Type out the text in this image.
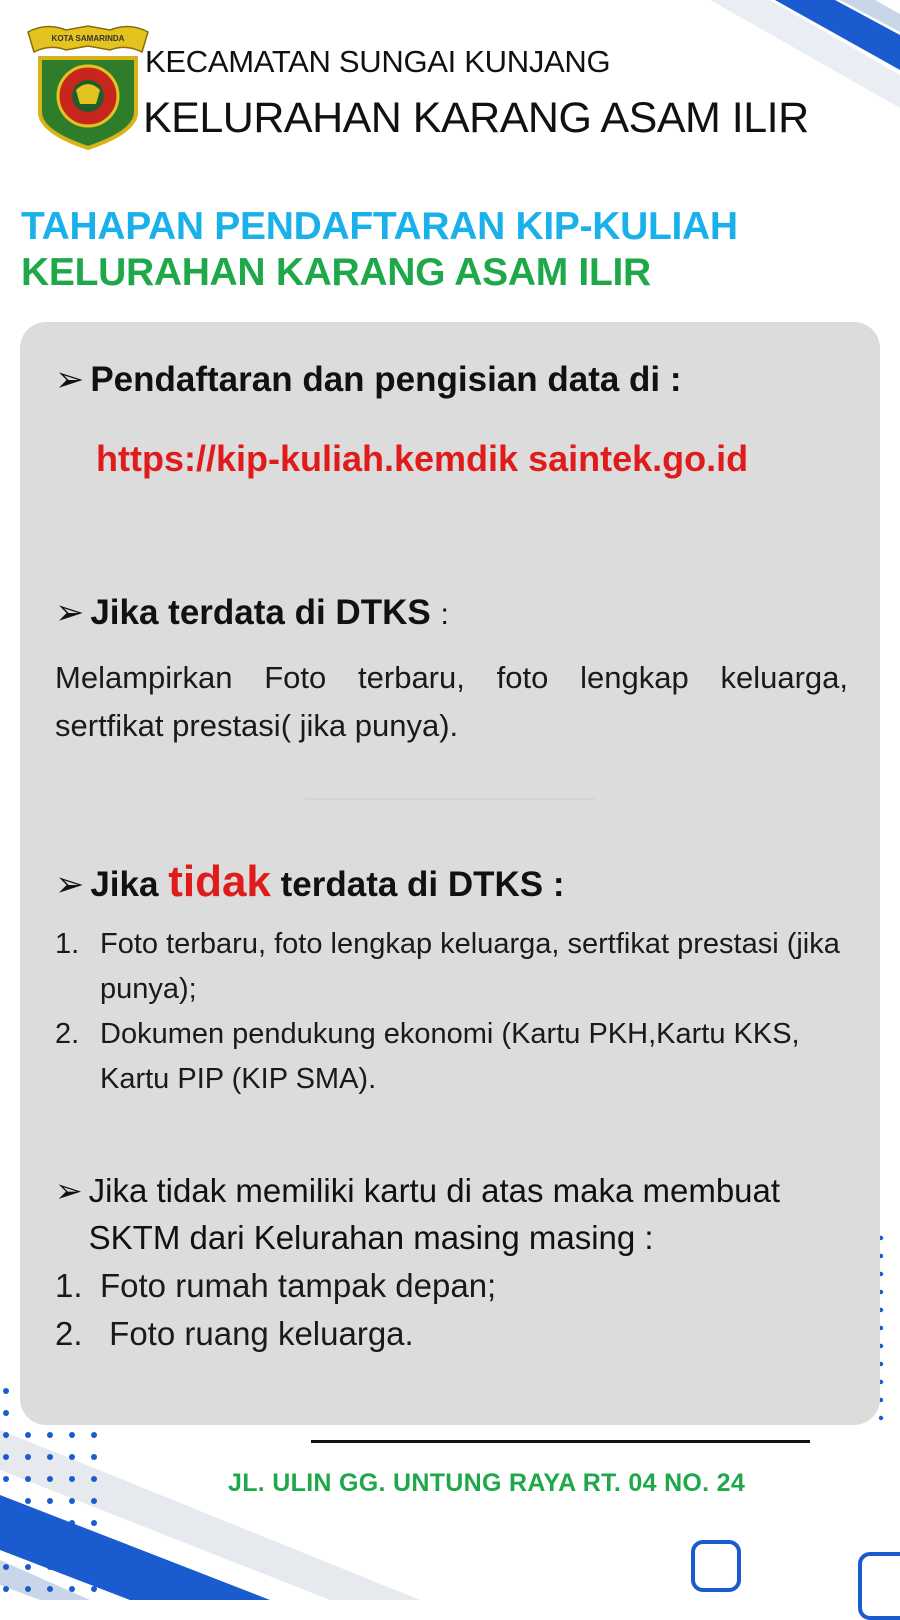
KOTA SAMARINDA
KECAMATAN SUNGAI KUNJANG
KELURAHAN KARANG ASAM ILIR
TAHAPAN PENDAFTARAN KIP-KULIAH
KELURAHAN KARANG ASAM ILIR
➢ Pendaftaran dan pengisian data di :
https://kip-kuliah.kemdik saintek.go.id
➢ Jika terdata di DTKS :
Melampirkan Foto terbaru, foto lengkap keluarga, sertfikat prestasi( jika punya).
➢ Jika tidak terdata di DTKS :
1. Foto terbaru, foto lengkap keluarga, sertfikat prestasi (jika punya);
2. Dokumen pendukung ekonomi (Kartu PKH,Kartu KKS, Kartu PIP (KIP SMA).
➢ Jika tidak memiliki kartu di atas maka membuat SKTM dari Kelurahan masing masing :
1. Foto rumah tampak depan;
2. Foto ruang keluarga.
JL. ULIN GG. UNTUNG RAYA RT. 04 NO. 24
